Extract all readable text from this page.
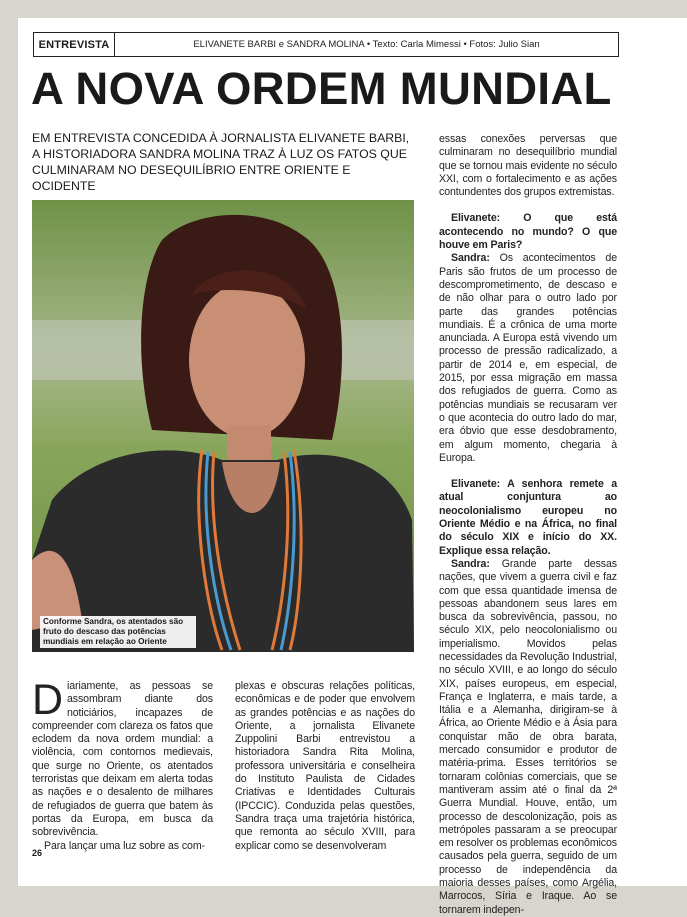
ENTREVISTA	ELIVANETE BARBI e SANDRA MOLINA • Texto: Carla Mimessi • Fotos: Julio Sian
A NOVA ORDEM MUNDIAL

EM ENTREVISTA CONCEDIDA À JORNALISTA ELIVANETE BARBI, A HISTORIADORA SANDRA MOLINA TRAZ À LUZ OS FATOS QUE CULMINARAM NO DESEQUILÍBRIO ENTRE ORIENTE E OCIDENTE

Conforme Sandra, os atentados são fruto do descaso das potências mundiais em relação ao Oriente

Diariamente, as pessoas se assombram diante dos noticiários, incapazes de compreender com clareza os fatos que eclodem da nova ordem mundial: a violência, com contornos medievais, que surge no Oriente, os atentados terroristas que deixam em alerta todas as nações e o desalento de milhares de refugiados de guerra que batem às portas da Europa, em busca da sobrevivência.

Para lançar uma luz sobre as com-

plexas e obscuras relações políticas, econômicas e de poder que envolvem as grandes potências e as nações do Oriente, a jornalista Elivanete Zuppolini Barbi entrevistou a historiadora Sandra Rita Molina, professora universitária e conselheira do Instituto Paulista de Cidades Criativas e Identidades Culturais (IPCCIC). Conduzida pelas questões, Sandra traça uma trajetória histórica, que remonta ao século XVIII, para explicar como se desenvolveram

essas conexões perversas que culminaram no desequilíbrio mundial que se tornou mais evidente no século XXI, com o fortalecimento e as ações contundentes dos grupos extremistas.

Elivanete: O que está acontecendo no mundo? O que houve em Paris?

Sandra: Os acontecimentos de Paris são frutos de um processo de descomprometimento, de descaso e de não olhar para o outro lado por parte das grandes potências mundiais. É a crônica de uma morte anunciada. A Europa está vivendo um processo de pressão radicalizado, a partir de 2014 e, em especial, de 2015, por essa migração em massa dos refugiados de guerra. Como as potências mundiais se recusaram ver o que acontecia do outro lado do mar, era óbvio que esse desdobramento, em algum momento, chegaria à Europa.

Elivanete: A senhora remete a atual conjuntura ao neocolonialismo europeu no Oriente Médio e na África, no final do século XIX e início do XX. Explique essa relação.

Sandra: Grande parte dessas nações, que vivem a guerra civil e faz com que essa quantidade imensa de pessoas abandonem seus lares em busca da sobrevivência, passou, no século XIX, pelo neocolonialismo ou imperialismo. Movidos pelas necessidades da Revolução Industrial, no século XVIII, e ao longo do século XIX, países europeus, em especial, França e Inglaterra, e mais tarde, a Itália e a Alemanha, dirigiram-se à África, ao Oriente Médio e à Ásia para conquistar mão de obra barata, mercado consumidor e produtor de matéria-prima. Esses territórios se tornaram colônias comerciais, que se mantiveram assim até o final da 2ª Guerra Mundial. Houve, então, um processo de descolonização, pois as metrópoles passaram a se preocupar em resolver os problemas econômicos causados pela guerra, seguido de um processo de independência da maioria desses países, como Argélia, Marrocos, Síria e Iraque. Ao se tornarem indepen-

26
